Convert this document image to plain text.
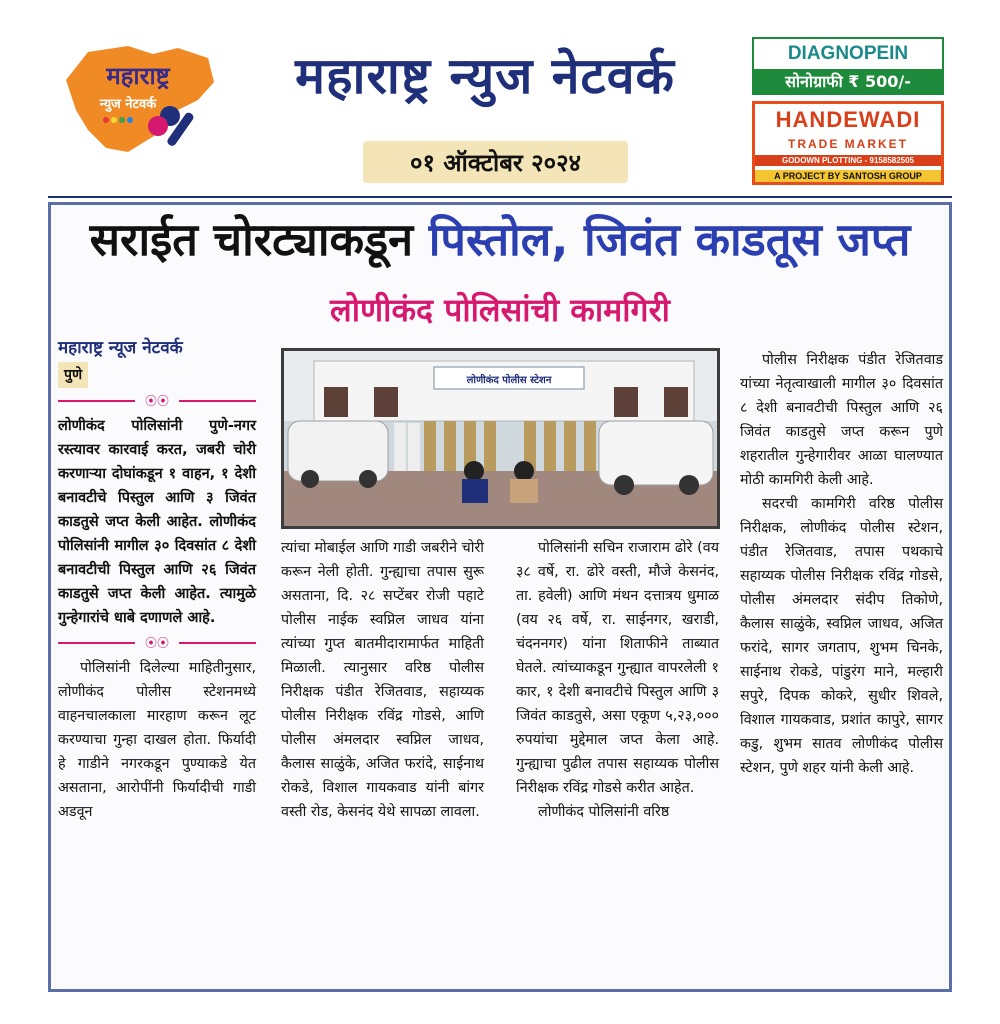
महाराष्ट्र
न्युज नेटवर्क
NEWS
महाराष्ट्र न्युज नेटवर्क
०१ ऑक्टोबर २०२४
DIAGNOPEIN
सोनोग्राफी ₹ 500/-
HANDEWADI
TRADE MARKET
GODOWN PLOTTING - 9158582505
A PROJECT BY SANTOSH GROUP
सराईत चोरट्याकडून पिस्तोल, जिवंत काडतूस जप्त
लोणीकंद पोलिसांची कामगिरी
महाराष्ट्र न्यूज नेटवर्क
पुणे
⦿⦿
लोणीकंद पोलिसांनी पुणे-नगर रस्त्यावर कारवाई करत, जबरी चोरी करणाऱ्या दोघांकडून १ वाहन, १ देशी बनावटीचे पिस्तुल आणि ३ जिवंत काडतुसे जप्त केली आहेत. लोणीकंद पोलिसांनी मागील ३० दिवसांत ८ देशी बनावटीची पिस्तुल आणि २६ जिवंत काडतुसे जप्त केली आहेत. त्यामुळे गुन्हेगारांचे धाबे दणाणले आहे.
⦿⦿
पोलिसांनी दिलेल्या माहितीनुसार, लोणीकंद पोलीस स्टेशनमध्ये वाहनचालकाला मारहाण करून लूट करण्याचा गुन्हा दाखल होता. फिर्यादी हे गाडीने नगरकडून पुण्याकडे येत असताना, आरोपींनी फिर्यादीची गाडी अडवून
लोणीकंद पोलीस स्टेशन
त्यांचा मोबाईल आणि गाडी जबरीने चोरी करून नेली होती. गुन्ह्याचा तपास सुरू असताना, दि. २८ सप्टेंबर रोजी पहाटे पोलीस नाईक स्वप्निल जाधव यांना त्यांच्या गुप्त बातमीदारामार्फत माहिती मिळाली. त्यानुसार वरिष्ठ पोलीस निरीक्षक पंडीत रेजितवाड, सहाय्यक पोलीस निरीक्षक रविंद्र गोडसे, आणि पोलीस अंमलदार स्वप्निल जाधव, कैलास साळुंके, अजित फरांदे, साईनाथ रोकडे, विशाल गायकवाड यांनी बांगर वस्ती रोड, केसनंद येथे सापळा लावला.
पोलिसांनी सचिन राजाराम ढोरे (वय ३८ वर्षे, रा. ढोरे वस्ती, मौजे केसनंद, ता. हवेली) आणि मंथन दत्तात्रय धुमाळ (वय २६ वर्षे, रा. साईनगर, खराडी, चंदननगर) यांना शिताफीने ताब्यात घेतले. त्यांच्याकडून गुन्ह्यात वापरलेली १ कार, १ देशी बनावटीचे पिस्तुल आणि ३ जिवंत काडतुसे, असा एकूण ५,२३,००० रुपयांचा मुद्देमाल जप्त केला आहे. गुन्ह्याचा पुढील तपास सहाय्यक पोलीस निरीक्षक रविंद्र गोडसे करीत आहेत.
लोणीकंद पोलिसांनी वरिष्ठ
पोलीस निरीक्षक पंडीत रेजितवाड यांच्या नेतृत्वाखाली मागील ३० दिवसांत ८ देशी बनावटीची पिस्तुल आणि २६ जिवंत काडतुसे जप्त करून पुणे शहरातील गुन्हेगारीवर आळा घालण्यात मोठी कामगिरी केली आहे.
सदरची कामगिरी वरिष्ठ पोलीस निरीक्षक, लोणीकंद पोलीस स्टेशन, पंडीत रेजितवाड, तपास पथकाचे सहाय्यक पोलीस निरीक्षक रविंद्र गोडसे, पोलीस अंमलदार संदीप तिकोणे, कैलास साळुंके, स्वप्निल जाधव, अजित फरांदे, सागर जगताप, शुभम चिनके, साईनाथ रोकडे, पांडुरंग माने, मल्हारी सपुरे, दिपक कोकरे, सुधीर शिवले, विशाल गायकवाड, प्रशांत कापुरे, सागर कडु, शुभम सातव लोणीकंद पोलीस स्टेशन, पुणे शहर यांनी केली आहे.
